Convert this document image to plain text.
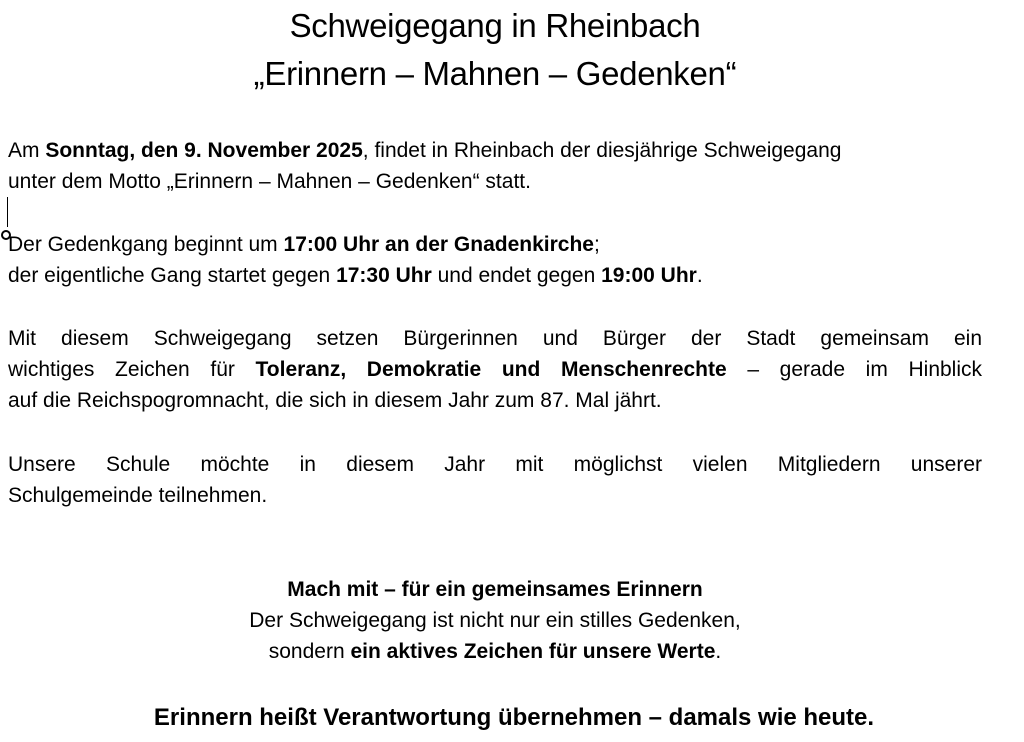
Schweigegang in Rheinbach
„Erinnern – Mahnen – Gedenken“
Am Sonntag, den 9. November 2025, findet in Rheinbach der diesjährige Schweigegang
unter dem Motto „Erinnern – Mahnen – Gedenken“ statt.
Der Gedenkgang beginnt um 17:00 Uhr an der Gnadenkirche;
der eigentliche Gang startet gegen 17:30 Uhr und endet gegen 19:00 Uhr.
Mit diesem Schweigegang setzen Bürgerinnen und Bürger der Stadt gemeinsam ein
wichtiges Zeichen für Toleranz, Demokratie und Menschenrechte – gerade im Hinblick
auf die Reichspogromnacht, die sich in diesem Jahr zum 87. Mal jährt.
Unsere Schule möchte in diesem Jahr mit möglichst vielen Mitgliedern unserer
Schulgemeinde teilnehmen.
Mach mit – für ein gemeinsames Erinnern
Der Schweigegang ist nicht nur ein stilles Gedenken,
sondern ein aktives Zeichen für unsere Werte.
Erinnern heißt Verantwortung übernehmen – damals wie heute.
